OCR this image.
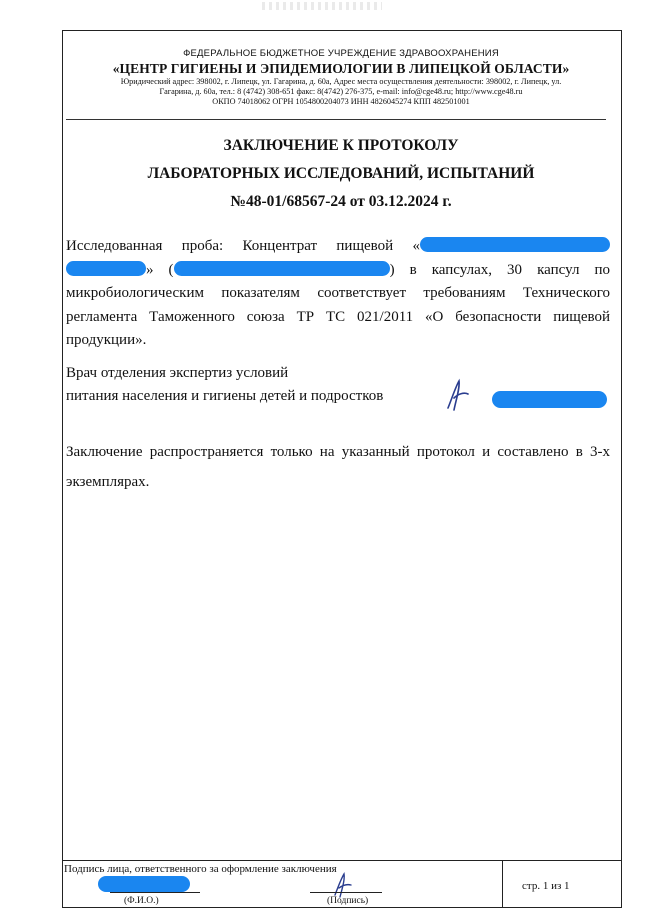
ФЕДЕРАЛЬНОЕ БЮДЖЕТНОЕ УЧРЕЖДЕНИЕ ЗДРАВООХРАНЕНИЯ
«ЦЕНТР ГИГИЕНЫ И ЭПИДЕМИОЛОГИИ В ЛИПЕЦКОЙ ОБЛАСТИ»
Юридический адрес: 398002, г. Липецк, ул. Гагарина, д. 60а, Адрес места осуществления деятельности: 398002, г. Липецк, ул.
Гагарина, д. 60а, тел.: 8 (4742) 308-651 факс: 8(4742) 276-375, e-mail: info@cge48.ru; http://www.cge48.ru
ОКПО 74018062 ОГРН 1054800204073 ИНН 4826045274 КПП 482501001
ЗАКЛЮЧЕНИЕ К ПРОТОКОЛУ
ЛАБОРАТОРНЫХ ИССЛЕДОВАНИЙ, ИСПЫТАНИЙ
№48-01/68567-24 от 03.12.2024 г.
Исследованная проба: Концентрат пищевой « » (	) в капсулах, 30 капсул по микробиологическим показателям соответствует требованиям Технического регламента Таможенного союза ТР ТС 021/2011 «О безопасности пищевой продукции».
Врач отделения экспертиз условий
питания населения и гигиены детей и подростков
Заключение распространяется только на указанный протокол и составлено в 3-х экземплярах.
Подпись лица, ответственного за оформление заключения
(Ф.И.О.)	(Подпись)
стр. 1 из 1
